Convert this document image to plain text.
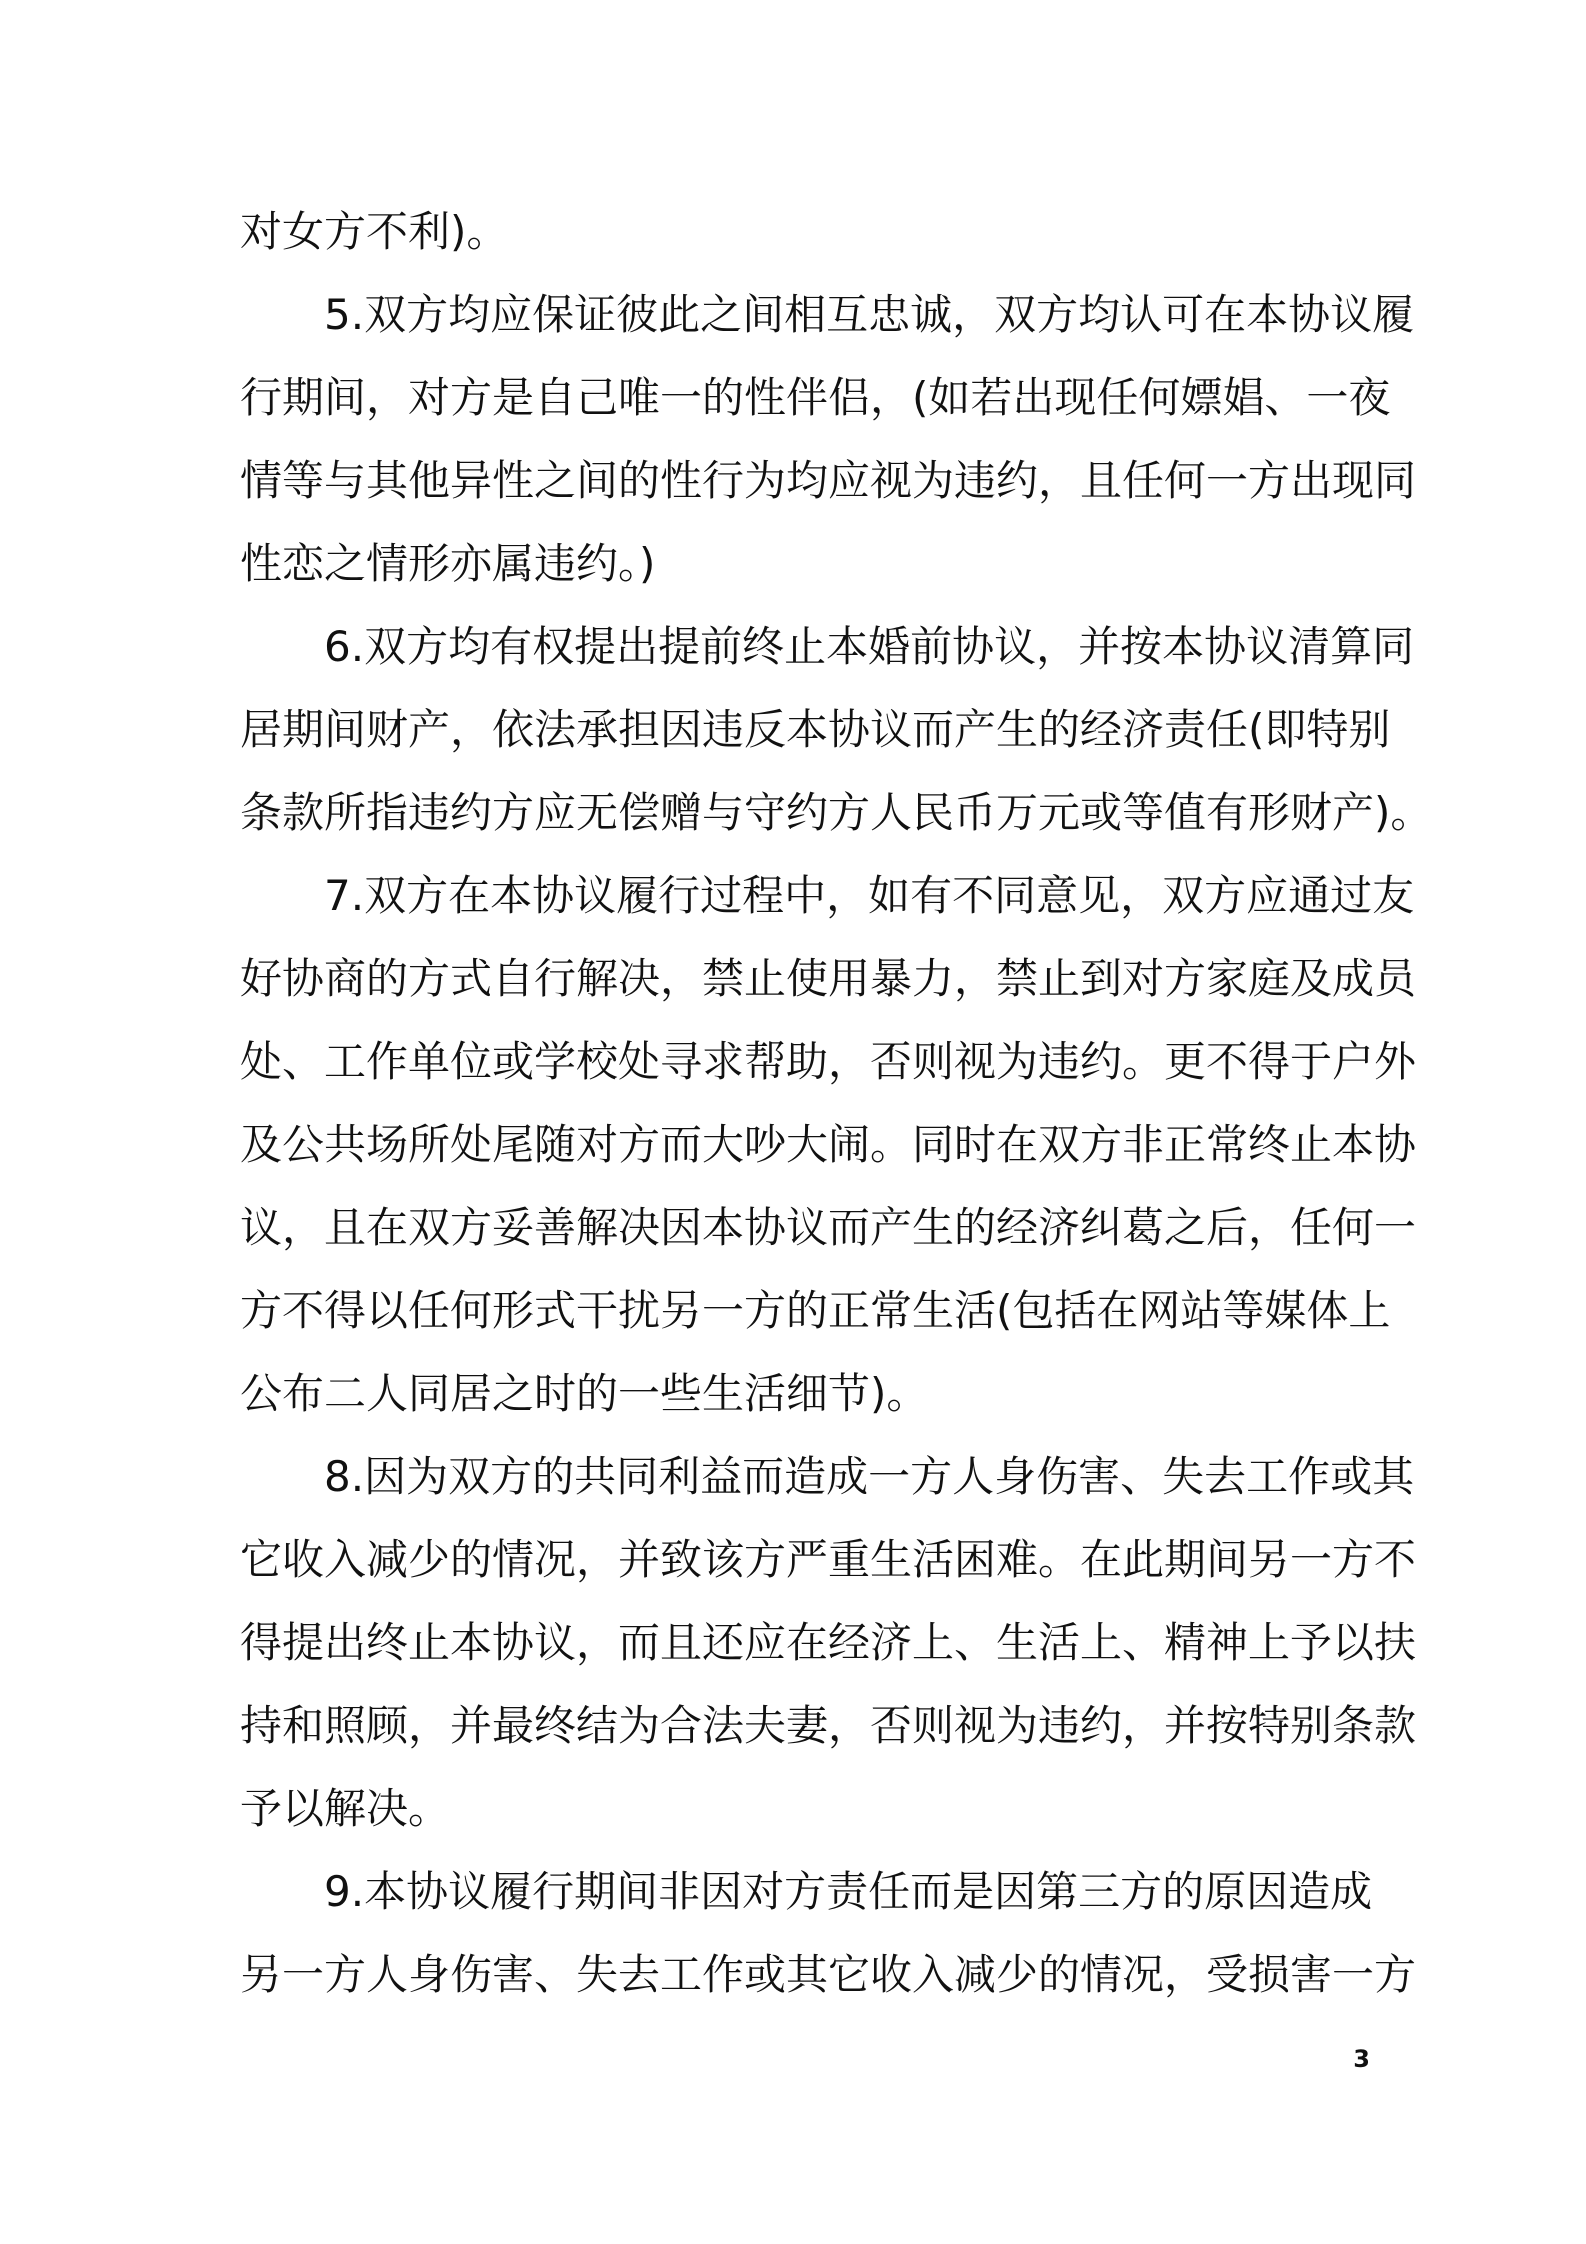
对女方不利)。
5.双方均应保证彼此之间相互忠诚，双方均认可在本协议履
行期间，对方是自己唯一的性伴侣，(如若出现任何嫖娼、一夜
情等与其他异性之间的性行为均应视为违约，且任何一方出现同
性恋之情形亦属违约。)
6.双方均有权提出提前终止本婚前协议，并按本协议清算同
居期间财产，依法承担因违反本协议而产生的经济责任(即特别
条款所指违约方应无偿赠与守约方人民币万元或等值有形财产)。
7.双方在本协议履行过程中，如有不同意见，双方应通过友
好协商的方式自行解决，禁止使用暴力，禁止到对方家庭及成员
处、工作单位或学校处寻求帮助，否则视为违约。更不得于户外
及公共场所处尾随对方而大吵大闹。同时在双方非正常终止本协
议，且在双方妥善解决因本协议而产生的经济纠葛之后，任何一
方不得以任何形式干扰另一方的正常生活(包括在网站等媒体上
公布二人同居之时的一些生活细节)。
8.因为双方的共同利益而造成一方人身伤害、失去工作或其
它收入减少的情况，并致该方严重生活困难。在此期间另一方不
得提出终止本协议，而且还应在经济上、生活上、精神上予以扶
持和照顾，并最终结为合法夫妻，否则视为违约，并按特别条款
予以解决。
9.本协议履行期间非因对方责任而是因第三方的原因造成
另一方人身伤害、失去工作或其它收入减少的情况，受损害一方
3
